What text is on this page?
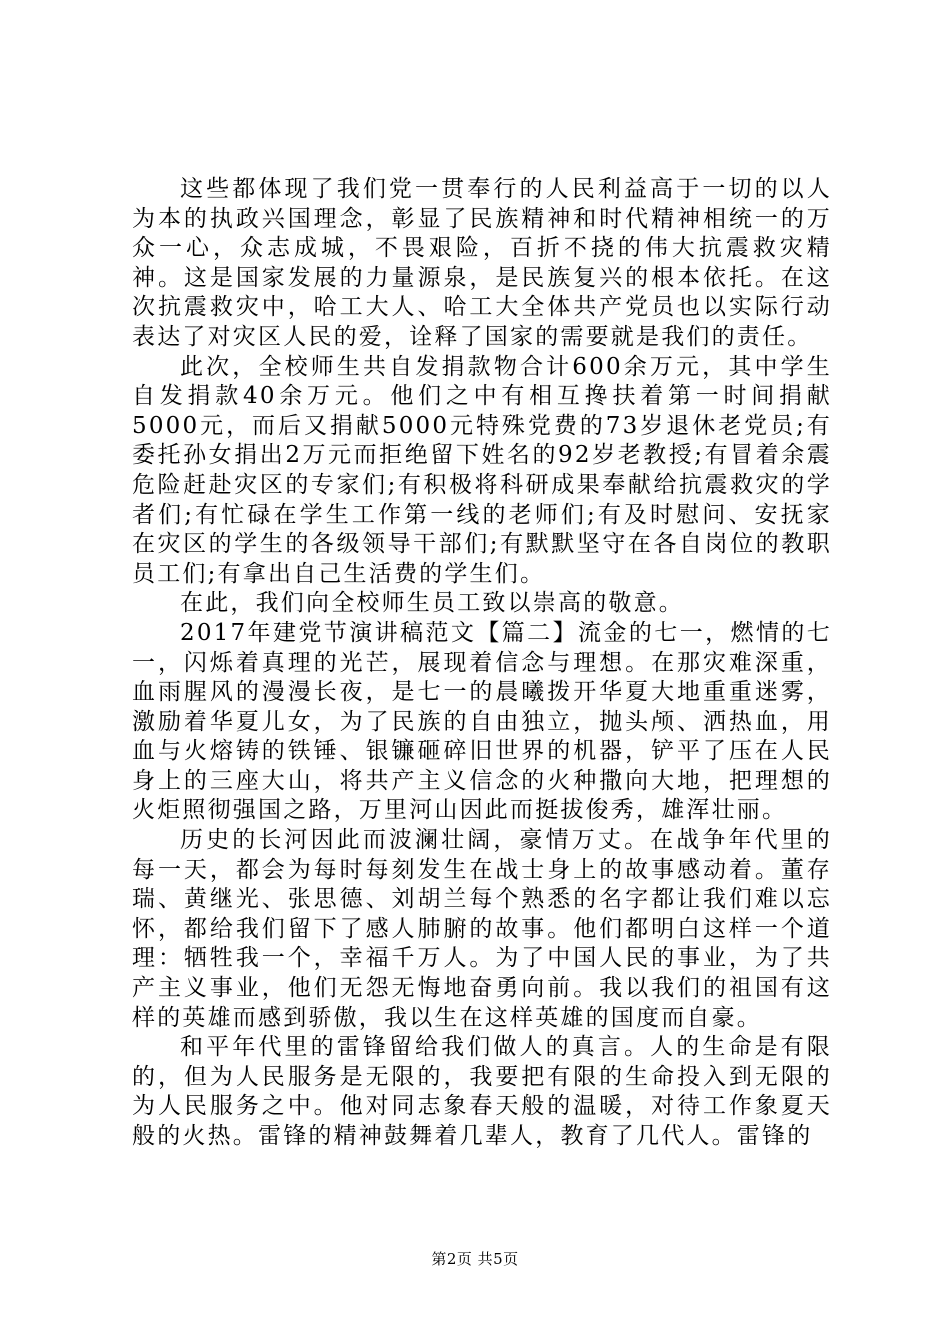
这些都体现了我们党一贯奉行的人民利益高于一切的以人为本的执政兴国理念，彰显了民族精神和时代精神相统一的万众一心，众志成城，不畏艰险，百折不挠的伟大抗震救灾精神。这是国家发展的力量源泉，是民族复兴的根本依托。在这次抗震救灾中，哈工大人、哈工大全体共产党员也以实际行动表达了对灾区人民的爱，诠释了国家的需要就是我们的责任。

此次，全校师生共自发捐款物合计600余万元，其中学生自发捐款40余万元。他们之中有相互搀扶着第一时间捐献5000元，而后又捐献5000元特殊党费的73岁退休老党员;有委托孙女捐出2万元而拒绝留下姓名的92岁老教授;有冒着余震危险赶赴灾区的专家们;有积极将科研成果奉献给抗震救灾的学者们;有忙碌在学生工作第一线的老师们;有及时慰问、安抚家在灾区的学生的各级领导干部们;有默默坚守在各自岗位的教职员工们;有拿出自己生活费的学生们。

在此，我们向全校师生员工致以崇高的敬意。

2017年建党节演讲稿范文【篇二】流金的七一，燃情的七一，闪烁着真理的光芒，展现着信念与理想。在那灾难深重，血雨腥风的漫漫长夜，是七一的晨曦拨开华夏大地重重迷雾，激励着华夏儿女，为了民族的自由独立，抛头颅、洒热血，用血与火熔铸的铁锤、银镰砸碎旧世界的机器，铲平了压在人民身上的三座大山，将共产主义信念的火种撒向大地，把理想的火炬照彻强国之路，万里河山因此而挺拔俊秀，雄浑壮丽。

历史的长河因此而波澜壮阔，豪情万丈。在战争年代里的每一天，都会为每时每刻发生在战士身上的故事感动着。董存瑞、黄继光、张思德、刘胡兰每个熟悉的名字都让我们难以忘怀，都给我们留下了感人肺腑的故事。他们都明白这样一个道理：牺牲我一个，幸福千万人。为了中国人民的事业，为了共产主义事业，他们无怨无悔地奋勇向前。我以我们的祖国有这样的英雄而感到骄傲，我以生在这样英雄的国度而自豪。

和平年代里的雷锋留给我们做人的真言。人的生命是有限的，但为人民服务是无限的，我要把有限的生命投入到无限的为人民服务之中。他对同志象春天般的温暖，对待工作象夏天般的火热。雷锋的精神鼓舞着几辈人，教育了几代人。雷锋的

第2页 共5页
